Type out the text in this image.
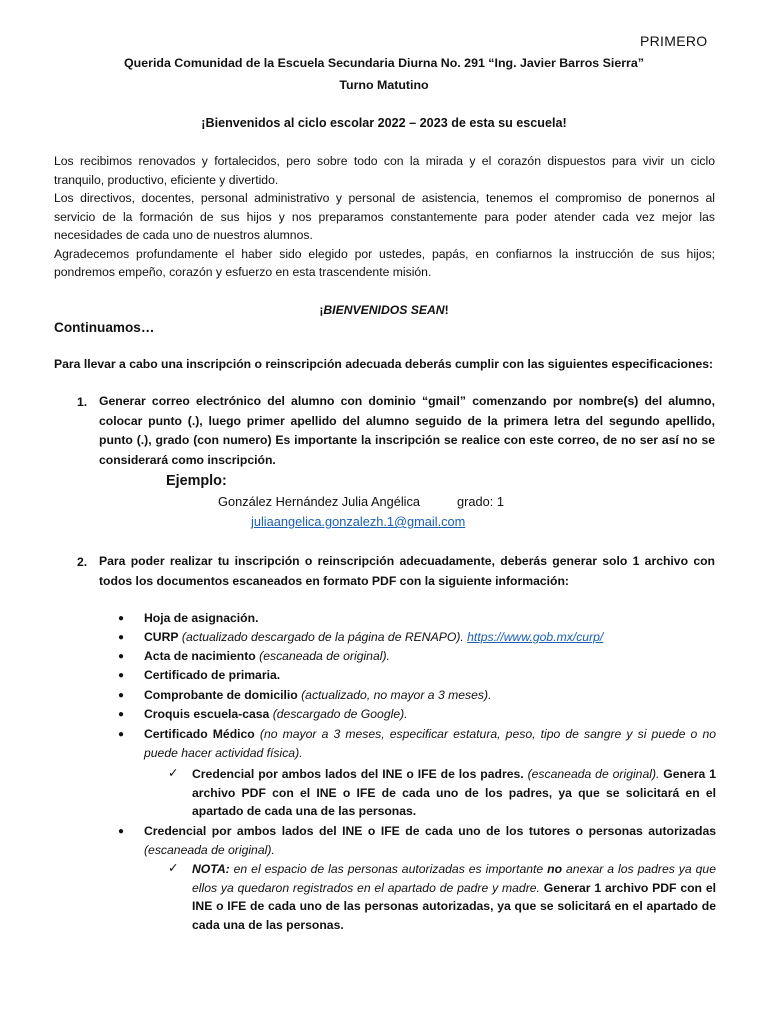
PRIMERO
Querida Comunidad de la Escuela Secundaria Diurna No. 291 “Ing. Javier Barros Sierra”
Turno Matutino
¡Bienvenidos al ciclo escolar 2022 – 2023 de esta su escuela!
Los recibimos renovados y fortalecidos, pero sobre todo con la mirada y el corazón dispuestos para vivir un ciclo tranquilo, productivo, eficiente y divertido.
Los directivos, docentes, personal administrativo y personal de asistencia, tenemos el compromiso de ponernos al servicio de la formación de sus hijos y nos preparamos constantemente para poder atender cada vez mejor las necesidades de cada uno de nuestros alumnos.
Agradecemos profundamente el haber sido elegido por ustedes, papás, en confiarnos la instrucción de sus hijos; pondremos empeño, corazón y esfuerzo en esta trascendente misión.
¡BIENVENIDOS SEAN!
Continuamos…
Para llevar a cabo una inscripción o reinscripción adecuada deberás cumplir con las siguientes especificaciones:
1. Generar correo electrónico del alumno con dominio “gmail” comenzando por nombre(s) del alumno, colocar punto (.), luego primer apellido del alumno seguido de la primera letra del segundo apellido, punto (.), grado (con numero) Es importante la inscripción se realice con este correo, de no ser así no se considerará como inscripción.
Ejemplo:
González Hernández Julia Angélica	grado: 1
juliaangelica.gonzalezh.1@gmail.com
2. Para poder realizar tu inscripción o reinscripción adecuadamente, deberás generar solo 1 archivo con todos los documentos escaneados en formato PDF con la siguiente información:
● Hoja de asignación.
● CURP (actualizado descargado de la página de RENAPO). https://www.gob.mx/curp/
● Acta de nacimiento (escaneada de original).
● Certificado de primaria.
● Comprobante de domicilio (actualizado, no mayor a 3 meses).
● Croquis escuela-casa (descargado de Google).
● Certificado Médico (no mayor a 3 meses, especificar estatura, peso, tipo de sangre y si puede o no puede hacer actividad física).
✓ Credencial por ambos lados del INE o IFE de los padres. (escaneada de original). Genera 1 archivo PDF con el INE o IFE de cada uno de los padres, ya que se solicitará en el apartado de cada una de las personas.
● Credencial por ambos lados del INE o IFE de cada uno de los tutores o personas autorizadas (escaneada de original).
✓ NOTA: en el espacio de las personas autorizadas es importante no anexar a los padres ya que ellos ya quedaron registrados en el apartado de padre y madre. Generar 1 archivo PDF con el INE o IFE de cada uno de las personas autorizadas, ya que se solicitará en el apartado de cada una de las personas.
